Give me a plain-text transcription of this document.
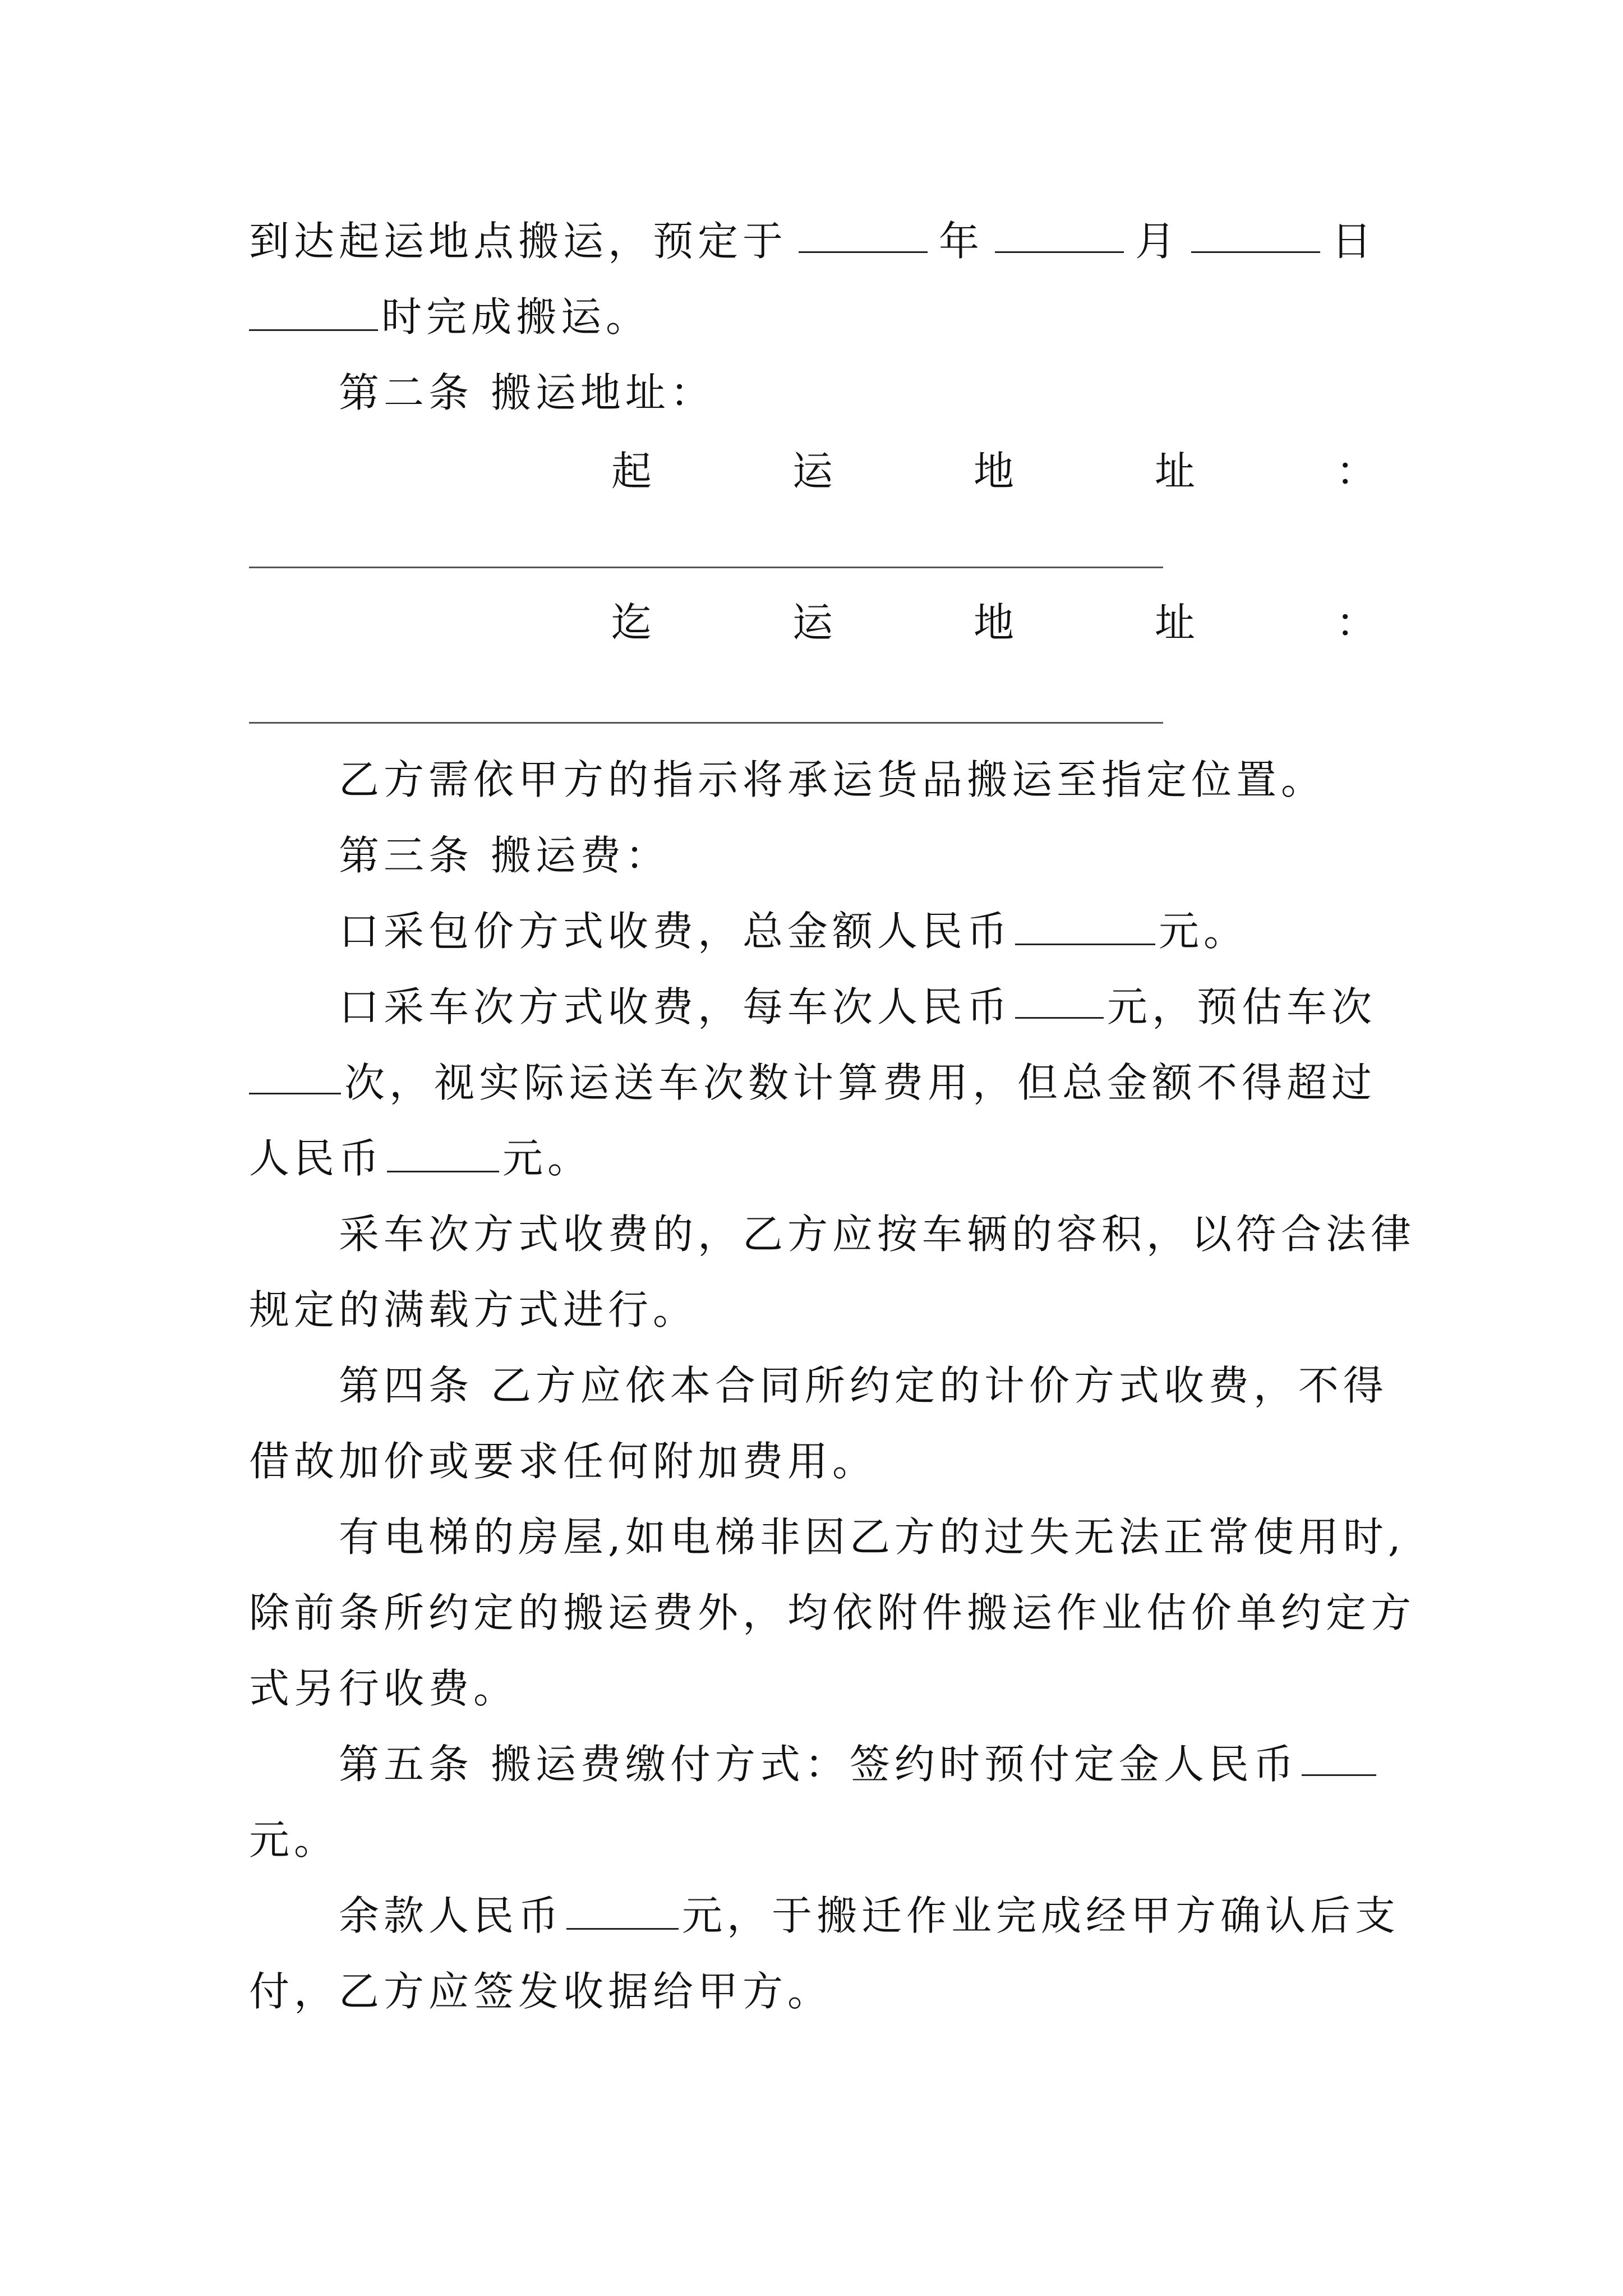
到达起运地点搬运，预定于	年	月	日
时完成搬运。
第二条 搬运地址：
起	运	地	址	：
迄	运	地	址	：
乙方需依甲方的指示将承运货品搬运至指定位置。
第三条 搬运费：
口采包价方式收费，总金额人民币	元。
口采车次方式收费，每车次人民币 元，预估车次
次，视实际运送车次数计算费用，但总金额不得超过
人民币	元。
采车次方式收费的，乙方应按车辆的容积，以符合法律
规定的满载方式进行。
第四条 乙方应依本合同所约定的计价方式收费，不得
借故加价或要求任何附加费用。
有电梯的房屋,如电梯非因乙方的过失无法正常使用时,
除前条所约定的搬运费外，均依附件搬运作业估价单约定方
式另行收费。
第五条 搬运费缴付方式：签约时预付定金人民币
元。
余款人民币	元，于搬迁作业完成经甲方确认后支
付，乙方应签发收据给甲方。
